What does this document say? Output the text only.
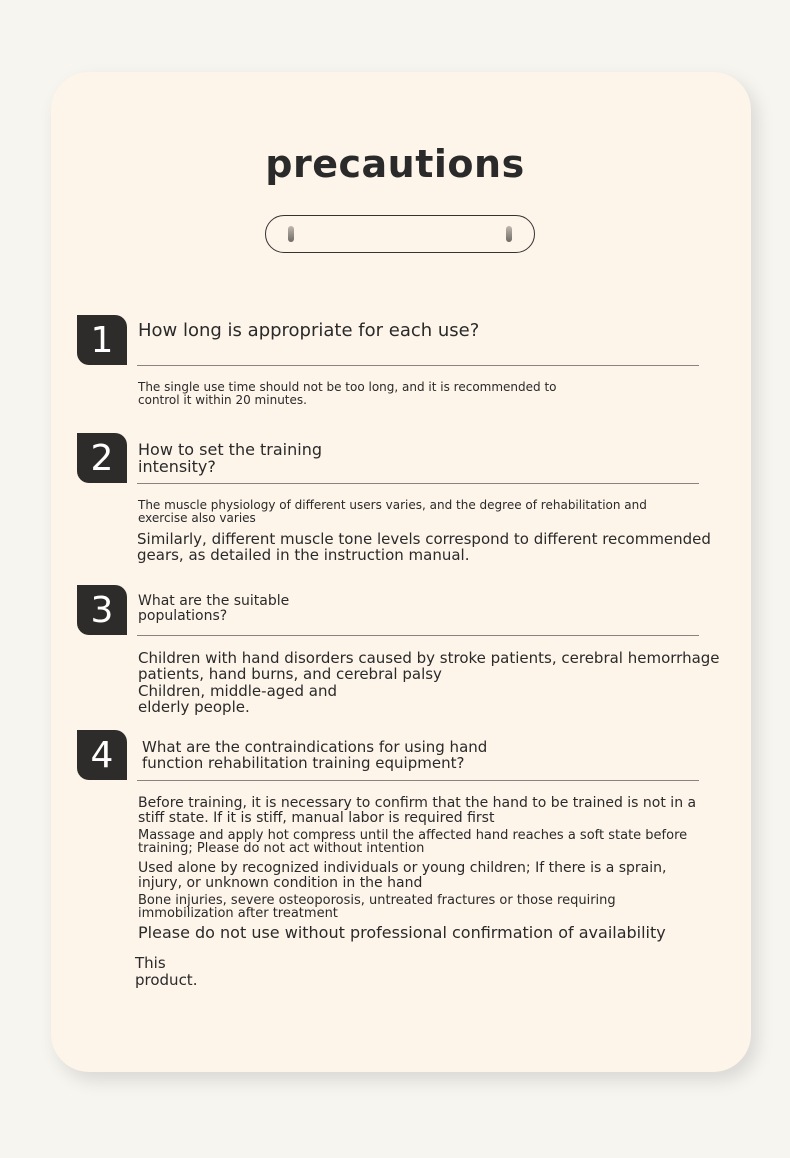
precautions
1	How long is appropriate for each use?
The single use time should not be too long, and it is recommended to
control it within 20 minutes.
2	How to set the training
intensity?
The muscle physiology of different users varies, and the degree of rehabilitation and
exercise also varies
Similarly, different muscle tone levels correspond to different recommended
gears, as detailed in the instruction manual.
3	What are the suitable
populations?
Children with hand disorders caused by stroke patients, cerebral hemorrhage
patients, hand burns, and cerebral palsy
Children, middle-aged and
elderly people.
4	What are the contraindications for using hand
function rehabilitation training equipment?
Before training, it is necessary to confirm that the hand to be trained is not in a
stiff state. If it is stiff, manual labor is required first
Massage and apply hot compress until the affected hand reaches a soft state before
training; Please do not act without intention
Used alone by recognized individuals or young children; If there is a sprain,
injury, or unknown condition in the hand
Bone injuries, severe osteoporosis, untreated fractures or those requiring
immobilization after treatment
Please do not use without professional confirmation of availability
This
product.
